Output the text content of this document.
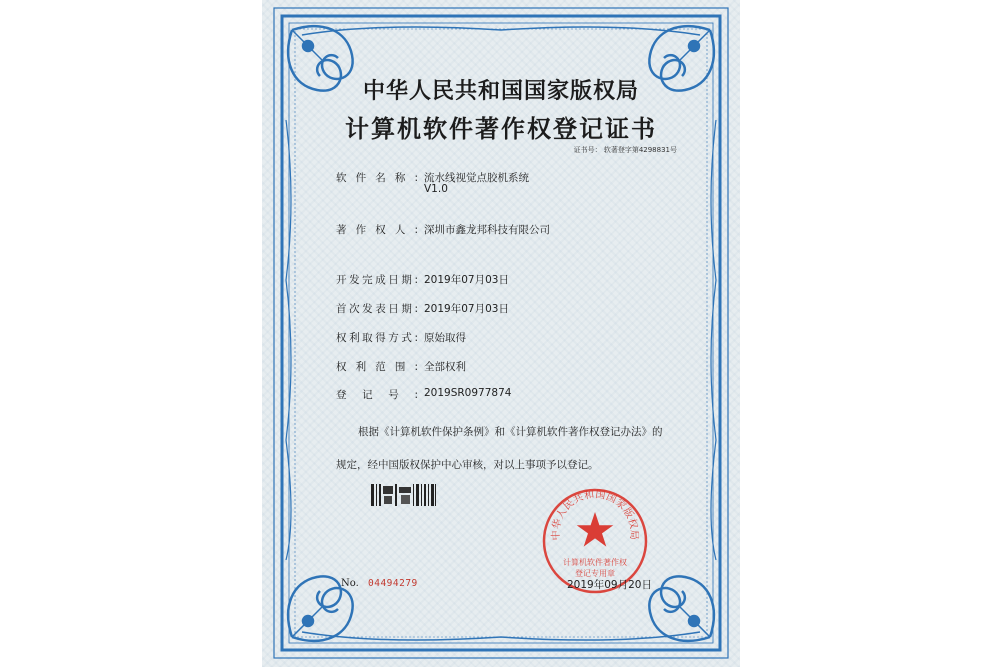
中华人民共和国国家版权局
计算机软件著作权登记证书
证书号： 软著登字第4298831号
软件名称: 流水线视觉点胶机系统
V1.0
著作权人: 深圳市鑫龙邦科技有限公司
开发完成日期: 2019年07月03日
首次发表日期: 2019年07月03日
权利取得方式: 原始取得
权利范围: 全部权利
登记号: 2019SR0977874
根据《计算机软件保护条例》和《计算机软件著作权登记办法》的
规定，经中国版权保护中心审核，对以上事项予以登记。
No. 04494279
中华人民共和国国家版权局
计算机软件著作权
登记专用章
2019年09月20日
